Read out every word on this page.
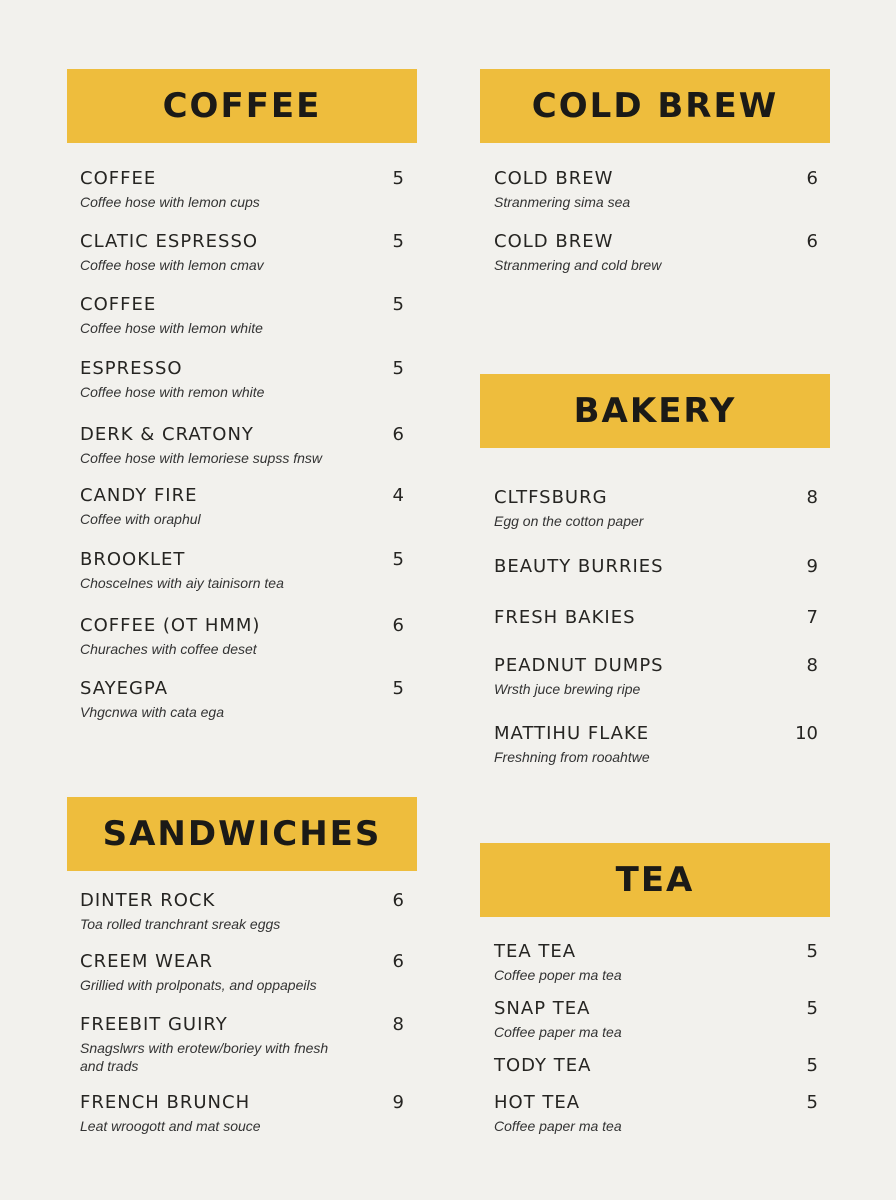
COFFEE
COFFEE	5
Coffee hose with lemon cups
CLATIC ESPRESSO	5
Coffee hose with lemon cmav
COFFEE	5
Coffee hose with lemon white
ESPRESSO	5
Coffee hose with remon white
DERK & CRATONY	6
Coffee hose with lemoriese supss fnsw
CANDY FIRE	4
Coffee with oraphul
BROOKLET	5
Choscelnes with aiy tainisorn tea
COFFEE (OT HMM)	6
Churaches with coffee deset
SAYEGPA	5
Vhgcnwa with cata ega
SANDWICHES
DINTER ROCK	6
Toa rolled tranchrant sreak eggs
CREEM WEAR	6
Grillied with prolponats, and oppapeils
FREEBIT GUIRY	8
Snagslwrs with erotew/boriey with fnesh and trads
FRENCH BRUNCH	9
Leat wroogott and mat souce
COLD BREW
COLD BREW	6
Stranmering sima sea
COLD BREW	6
Stranmering and cold brew
BAKERY
CLTFSBURG	8
Egg on the cotton paper
BEAUTY BURRIES	9
FRESH BAKIES	7
PEADNUT DUMPS	8
Wrsth juce brewing ripe
MATTIHU FLAKE	10
Freshning from rooahtwe
TEA
TEA TEA	5
Coffee poper ma tea
SNAP TEA	5
Coffee paper ma tea
TODY TEA	5
HOT TEA	5
Coffee paper ma tea
